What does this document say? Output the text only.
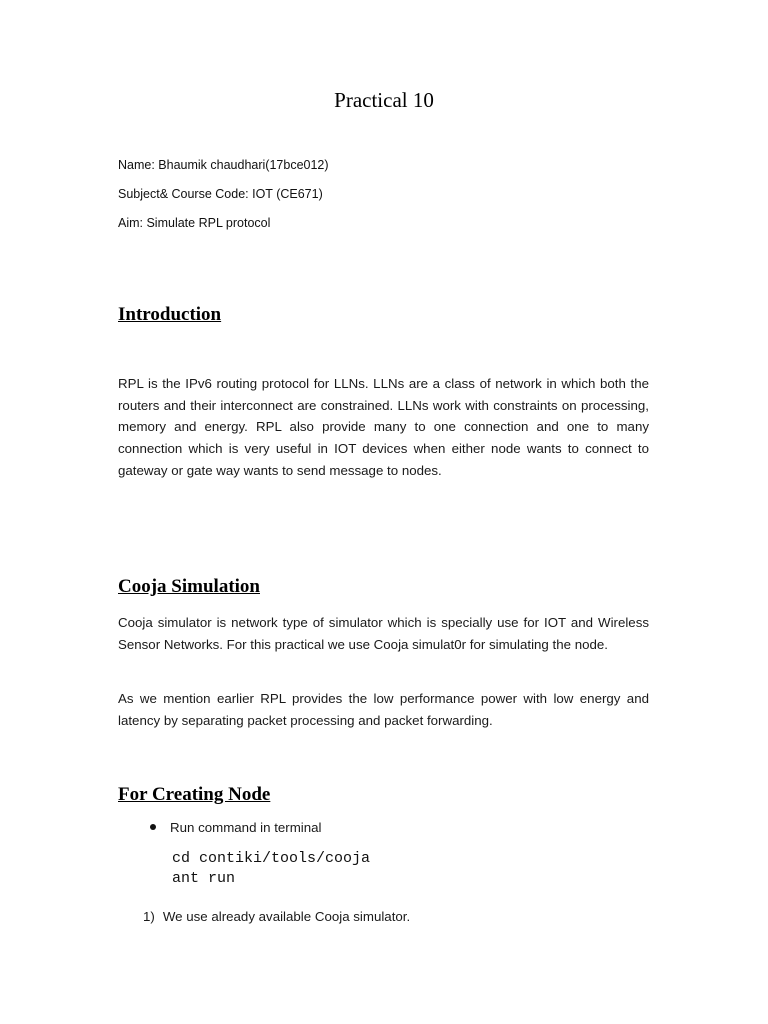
Practical 10
Name: Bhaumik chaudhari(17bce012)
Subject& Course Code: IOT (CE671)
Aim: Simulate RPL protocol
Introduction

RPL is the IPv6 routing protocol for LLNs. LLNs are a class of network in which both the routers and their interconnect are constrained. LLNs work with constraints on processing, memory and energy. RPL also provide many to one connection and one to many connection which is very useful in IOT devices when either node wants to connect to gateway or gate way wants to send message to nodes.

Cooja Simulation

Cooja simulator is network type of simulator which is specially use for IOT and Wireless Sensor Networks. For this practical we use Cooja simulat0r for simulating the node.

As we mention earlier RPL provides the low performance power with low energy and latency by separating packet processing and packet forwarding.

For Creating Node
Run command in terminal
cd contiki/tools/cooja
ant run
1) We use already available Cooja simulator.
